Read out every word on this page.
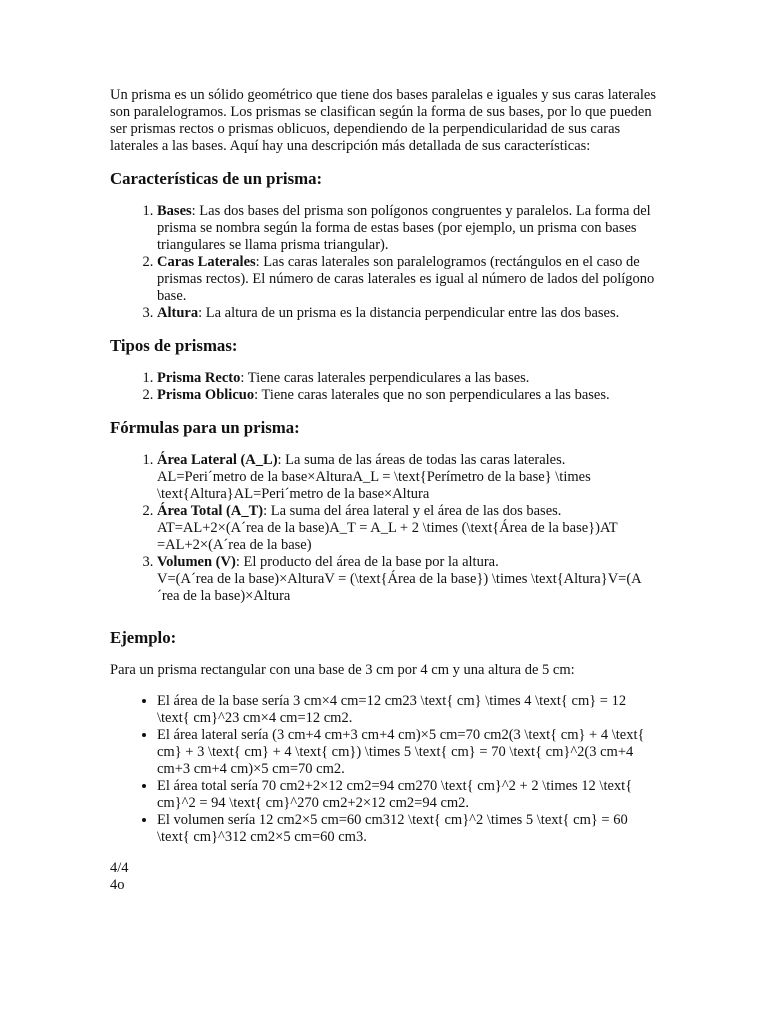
Un prisma es un sólido geométrico que tiene dos bases paralelas e iguales y sus caras laterales son paralelogramos. Los prismas se clasifican según la forma de sus bases, por lo que pueden ser prismas rectos o prismas oblicuos, dependiendo de la perpendicularidad de sus caras laterales a las bases. Aquí hay una descripción más detallada de sus características:

Características de un prisma:
1. Bases: Las dos bases del prisma son polígonos congruentes y paralelos. La forma del prisma se nombra según la forma de estas bases (por ejemplo, un prisma con bases triangulares se llama prisma triangular).
2. Caras Laterales: Las caras laterales son paralelogramos (rectángulos en el caso de prismas rectos). El número de caras laterales es igual al número de lados del polígono base.
3. Altura: La altura de un prisma es la distancia perpendicular entre las dos bases.
Tipos de prismas:
1. Prisma Recto: Tiene caras laterales perpendiculares a las bases.
2. Prisma Oblicuo: Tiene caras laterales que no son perpendiculares a las bases.
Fórmulas para un prisma:
1. Área Lateral (A_L): La suma de las áreas de todas las caras laterales.
AL=Peri´metro de la base×AlturaA_L = \text{Perímetro de la base} \times \text{Altura}AL=Peri´metro de la base×Altura
2. Área Total (A_T): La suma del área lateral y el área de las dos bases.
AT=AL+2×(A´rea de la base)A_T = A_L + 2 \times (\text{Área de la base})AT =AL+2×(A´rea de la base)
3. Volumen (V): El producto del área de la base por la altura.
V=(A´rea de la base)×AlturaV = (\text{Área de la base}) \times \text{Altura}V=(A´rea de la base)×Altura
Ejemplo:

Para un prisma rectangular con una base de 3 cm por 4 cm y una altura de 5 cm:

• El área de la base sería 3 cm×4 cm=12 cm23 \text{ cm} \times 4 \text{ cm} = 12 \text{ cm}^23 cm×4 cm=12 cm2.
• El área lateral sería (3 cm+4 cm+3 cm+4 cm)×5 cm=70 cm2(3 \text{ cm} + 4 \text{ cm} + 3 \text{ cm} + 4 \text{ cm}) \times 5 \text{ cm} = 70 \text{ cm}^2(3 cm+4 cm+3 cm+4 cm)×5 cm=70 cm2.
• El área total sería 70 cm2+2×12 cm2=94 cm270 \text{ cm}^2 + 2 \times 12 \text{ cm}^2 = 94 \text{ cm}^270 cm2+2×12 cm2=94 cm2.
• El volumen sería 12 cm2×5 cm=60 cm312 \text{ cm}^2 \times 5 \text{ cm} = 60 \text{ cm}^312 cm2×5 cm=60 cm3.

4/4

4o
